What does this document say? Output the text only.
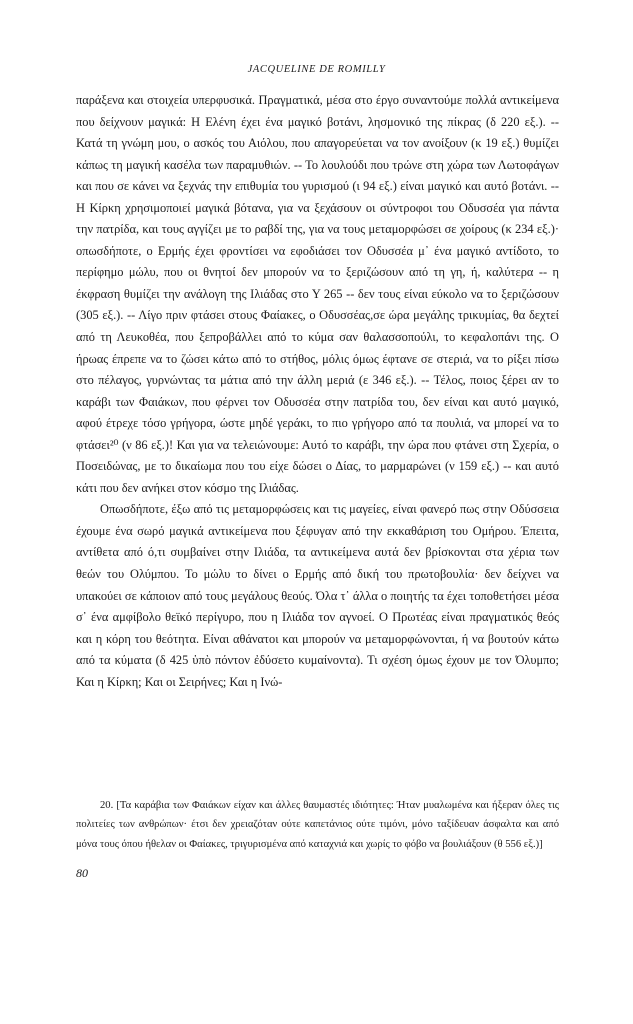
JACQUELINE DE ROMILLY

παράξενα και στοιχεία υπερφυσικά. Πραγματικά, μέσα στο έργο συναντούμε πολλά αντικείμενα που δείχνουν μαγικά: Η Ελένη έχει ένα μαγικό βοτάνι, λησμονικό της πίκρας (δ 220 εξ.). -- Κατά τη γνώμη μου, ο ασκός του Αιόλου, που απαγορεύεται να τον ανοίξουν (κ 19 εξ.) θυμίζει κάπως τη μαγική κασέλα των παραμυθιών. -- Το λουλούδι που τρώνε στη χώρα των Λωτοφάγων και που σε κάνει να ξεχνάς την επιθυμία του γυρισμού (ι 94 εξ.) είναι μαγικό και αυτό βοτάνι. -- Η Κίρκη χρησιμοποιεί μαγικά βότανα, για να ξεχάσουν οι σύντροφοι του Οδυσσέα για πάντα την πατρίδα, και τους αγγίζει με το ραβδί της, για να τους μεταμορφώσει σε χοίρους (κ 234 εξ.)· οπωσδήποτε, ο Ερμής έχει φροντίσει να εφοδιάσει τον Οδυσσέα μ᾿ ένα μαγικό αντίδοτο, το περίφημο μώλυ, που οι θνητοί δεν μπορούν να το ξεριζώσουν από τη γη, ή, καλύτερα -- η έκφραση θυμίζει την ανάλογη της Ιλιάδας στο Υ 265 -- δεν τους είναι εύκολο να το ξεριζώσουν (305 εξ.). -- Λίγο πριν φτάσει στους Φαίακες, ο Οδυσσέας,σε ώρα μεγάλης τρικυμίας, θα δεχτεί από τη Λευκοθέα, που ξεπροβάλλει από το κύμα σαν θαλασσοπούλι, το κεφαλοπάνι της. Ο ήρωας έπρεπε να το ζώσει κάτω από το στήθος, μόλις όμως έφτανε σε στεριά, να το ρίξει πίσω στο πέλαγος, γυρνώντας τα μάτια από την άλλη μεριά (ε 346 εξ.). -- Τέλος, ποιος ξέρει αν το καράβι των Φαιάκων, που φέρνει τον Οδυσσέα στην πατρίδα του, δεν είναι και αυτό μαγικό, αφού έτρεχε τόσο γρήγορα, ώστε μηδέ γεράκι, το πιο γρήγορο από τα πουλιά, να μπορεί να το φτάσει²⁰ (ν 86 εξ.)! Και για να τελειώνουμε: Αυτό το καράβι, την ώρα που φτάνει στη Σχερία, ο Ποσειδώνας, με το δικαίωμα που του είχε δώσει ο Δίας, το μαρμαρώνει (ν 159 εξ.) -- και αυτό κάτι που δεν ανήκει στον κόσμο της Ιλιάδας.

Οπωσδήποτε, έξω από τις μεταμορφώσεις και τις μαγείες, είναι φανερό πως στην Οδύσσεια έχουμε ένα σωρό μαγικά αντικείμενα που ξέφυγαν από την εκκαθάριση του Ομήρου. Έπειτα, αντίθετα από ό,τι συμβαίνει στην Ιλιάδα, τα αντικείμενα αυτά δεν βρίσκονται στα χέρια των θεών του Ολύμπου. Το μώλυ το δίνει ο Ερμής από δική του πρωτοβουλία· δεν δείχνει να υπακούει σε κάποιον από τους μεγάλους θεούς. Όλα τ᾿ άλλα ο ποιητής τα έχει τοποθετήσει μέσα σ᾿ ένα αμφίβολο θεϊκό περίγυρο, που η Ιλιάδα τον αγνοεί. Ο Πρωτέας είναι πραγματικός θεός και η κόρη του θεότητα. Είναι αθάνατοι και μπορούν να μεταμορφώνονται, ή να βουτούν κάτω από τα κύματα (δ 425 ὑπὸ πόντον ἐδύσετο κυμαίνοντα). Τι σχέση όμως έχουν με τον Όλυμπο; Και η Κίρκη; Και οι Σειρήνες; Και η Ινώ-

20. [Τα καράβια των Φαιάκων είχαν και άλλες θαυμαστές ιδιότητες: Ήταν μυαλωμένα και ήξεραν όλες τις πολιτείες των ανθρώπων· έτσι δεν χρειαζόταν ούτε καπετάνιος ούτε τιμόνι, μόνο ταξίδευαν άσφαλτα και από μόνα τους όπου ήθελαν οι Φαίακες, τριγυρισμένα από καταχνιά και χωρίς το φόβο να βουλιάξουν (θ 556 εξ.)]

80
